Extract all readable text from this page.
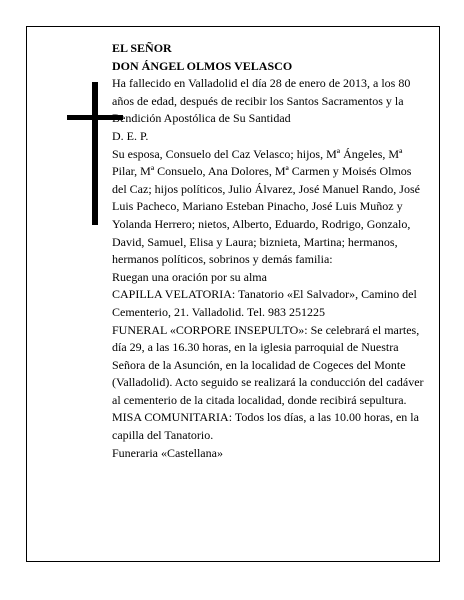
EL SEÑOR

DON ÁNGEL OLMOS VELASCO

Ha fallecido en Valladolid el día 28 de enero de 2013, a los 80 años de edad, después de recibir los Santos Sacramentos y la Bendición Apostólica de Su Santidad

D. E. P.

Su esposa, Consuelo del Caz Velasco; hijos, Mª Ángeles, Mª Pilar, Mª Consuelo, Ana Dolores, Mª Carmen y Moisés Olmos del Caz; hijos políticos, Julio Álvarez, José Manuel Rando, José Luis Pacheco, Mariano Esteban Pinacho, José Luis Muñoz y Yolanda Herrero; nietos, Alberto, Eduardo, Rodrigo, Gonzalo, David, Samuel, Elisa y Laura; biznieta, Martina; hermanos, hermanos políticos, sobrinos y demás familia:

Ruegan una oración por su alma

CAPILLA VELATORIA: Tanatorio «El Salvador», Camino del Cementerio, 21. Valladolid. Tel. 983 251225

FUNERAL «CORPORE INSEPULTO»: Se celebrará el martes, día 29, a las 16.30 horas, en la iglesia parroquial de Nuestra Señora de la Asunción, en la localidad de Cogeces del Monte (Valladolid). Acto seguido se realizará la conducción del cadáver al cementerio de la citada localidad, donde recibirá sepultura.

MISA COMUNITARIA: Todos los días, a las 10.00 horas, en la capilla del Tanatorio.

Funeraria «Castellana»
